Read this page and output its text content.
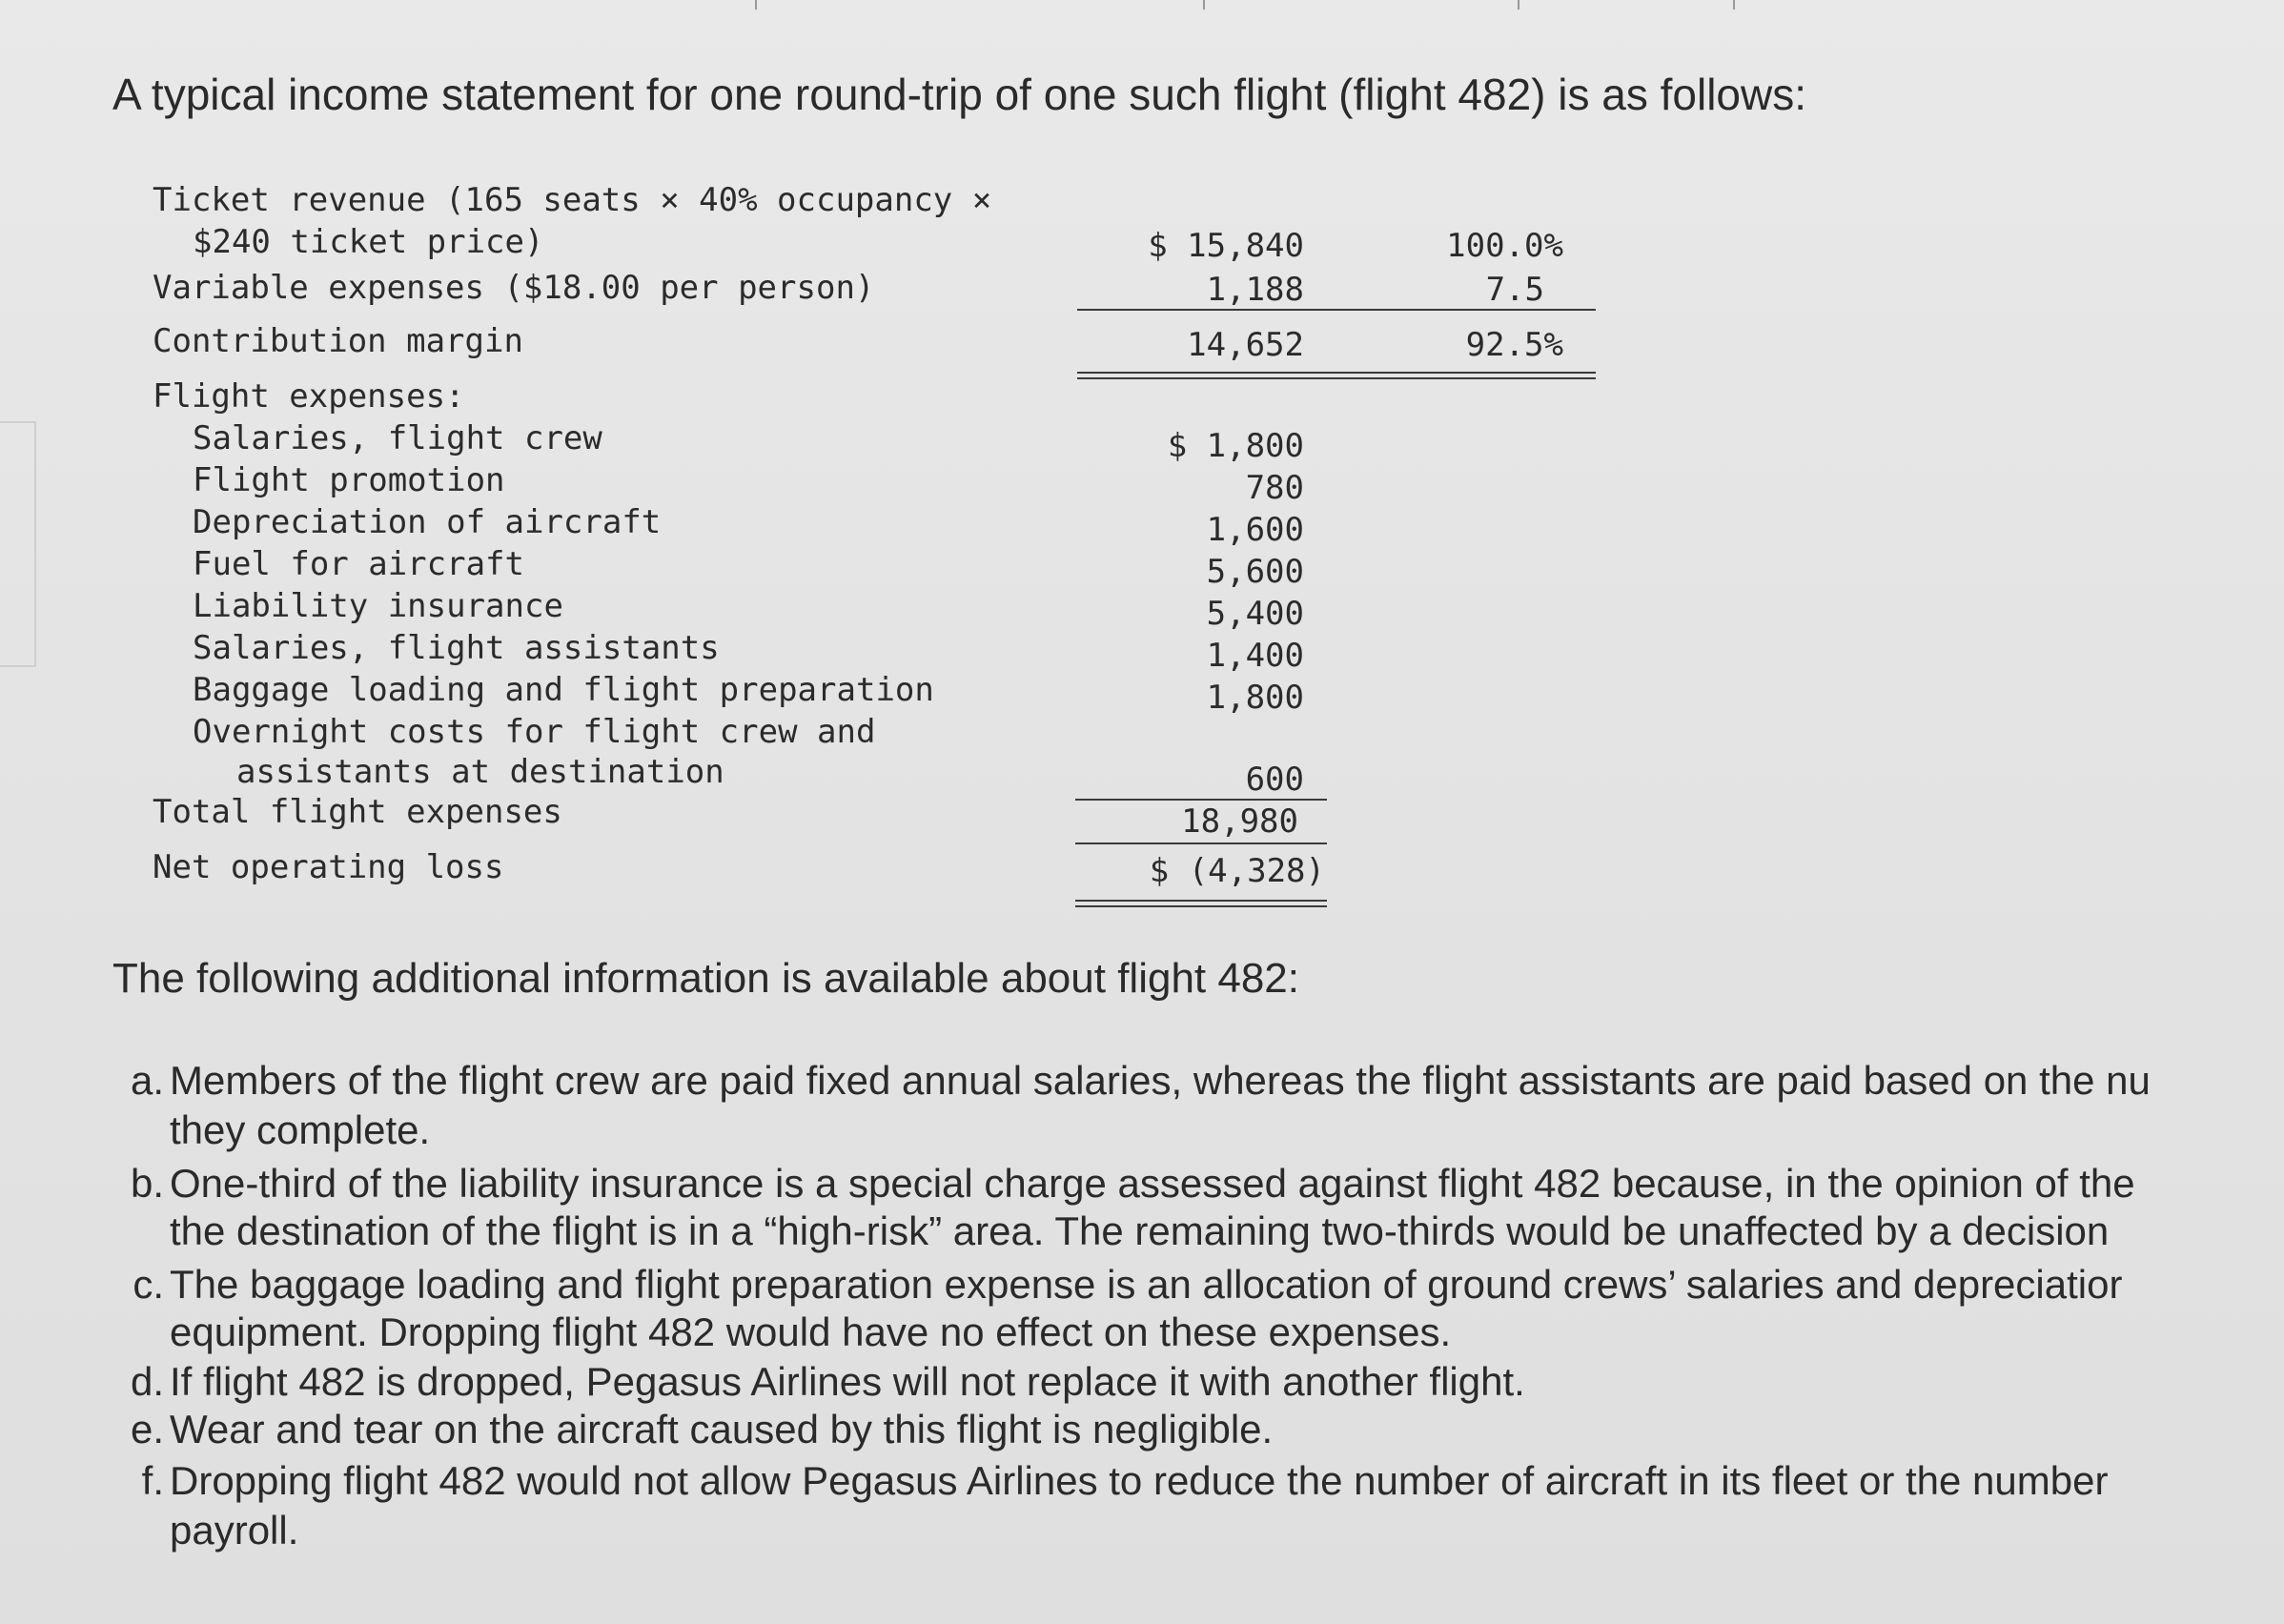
A typical income statement for one round-trip of one such flight (flight 482) is as follows:
Ticket revenue (165 seats × 40% occupancy ×
$240 ticket price)	$ 15,840	100.0%
Variable expenses ($18.00 per person)	1,188	7.5
Contribution margin	14,652	92.5%
Flight expenses:
Salaries, flight crew	$ 1,800
Flight promotion	780
Depreciation of aircraft	1,600
Fuel for aircraft	5,600
Liability insurance	5,400
Salaries, flight assistants	1,400
Baggage loading and flight preparation	1,800
Overnight costs for flight crew and
assistants at destination	600
Total flight expenses	18,980
Net operating loss	$ (4,328)
The following additional information is available about flight 482:
a. Members of the flight crew are paid fixed annual salaries, whereas the flight assistants are paid based on the nu
they complete.
b. One-third of the liability insurance is a special charge assessed against flight 482 because, in the opinion of the
the destination of the flight is in a “high-risk” area. The remaining two-thirds would be unaffected by a decision
c. The baggage loading and flight preparation expense is an allocation of ground crews’ salaries and depreciatior
equipment. Dropping flight 482 would have no effect on these expenses.
d. If flight 482 is dropped, Pegasus Airlines will not replace it with another flight.
e. Wear and tear on the aircraft caused by this flight is negligible.
f. Dropping flight 482 would not allow Pegasus Airlines to reduce the number of aircraft in its fleet or the number
payroll.
